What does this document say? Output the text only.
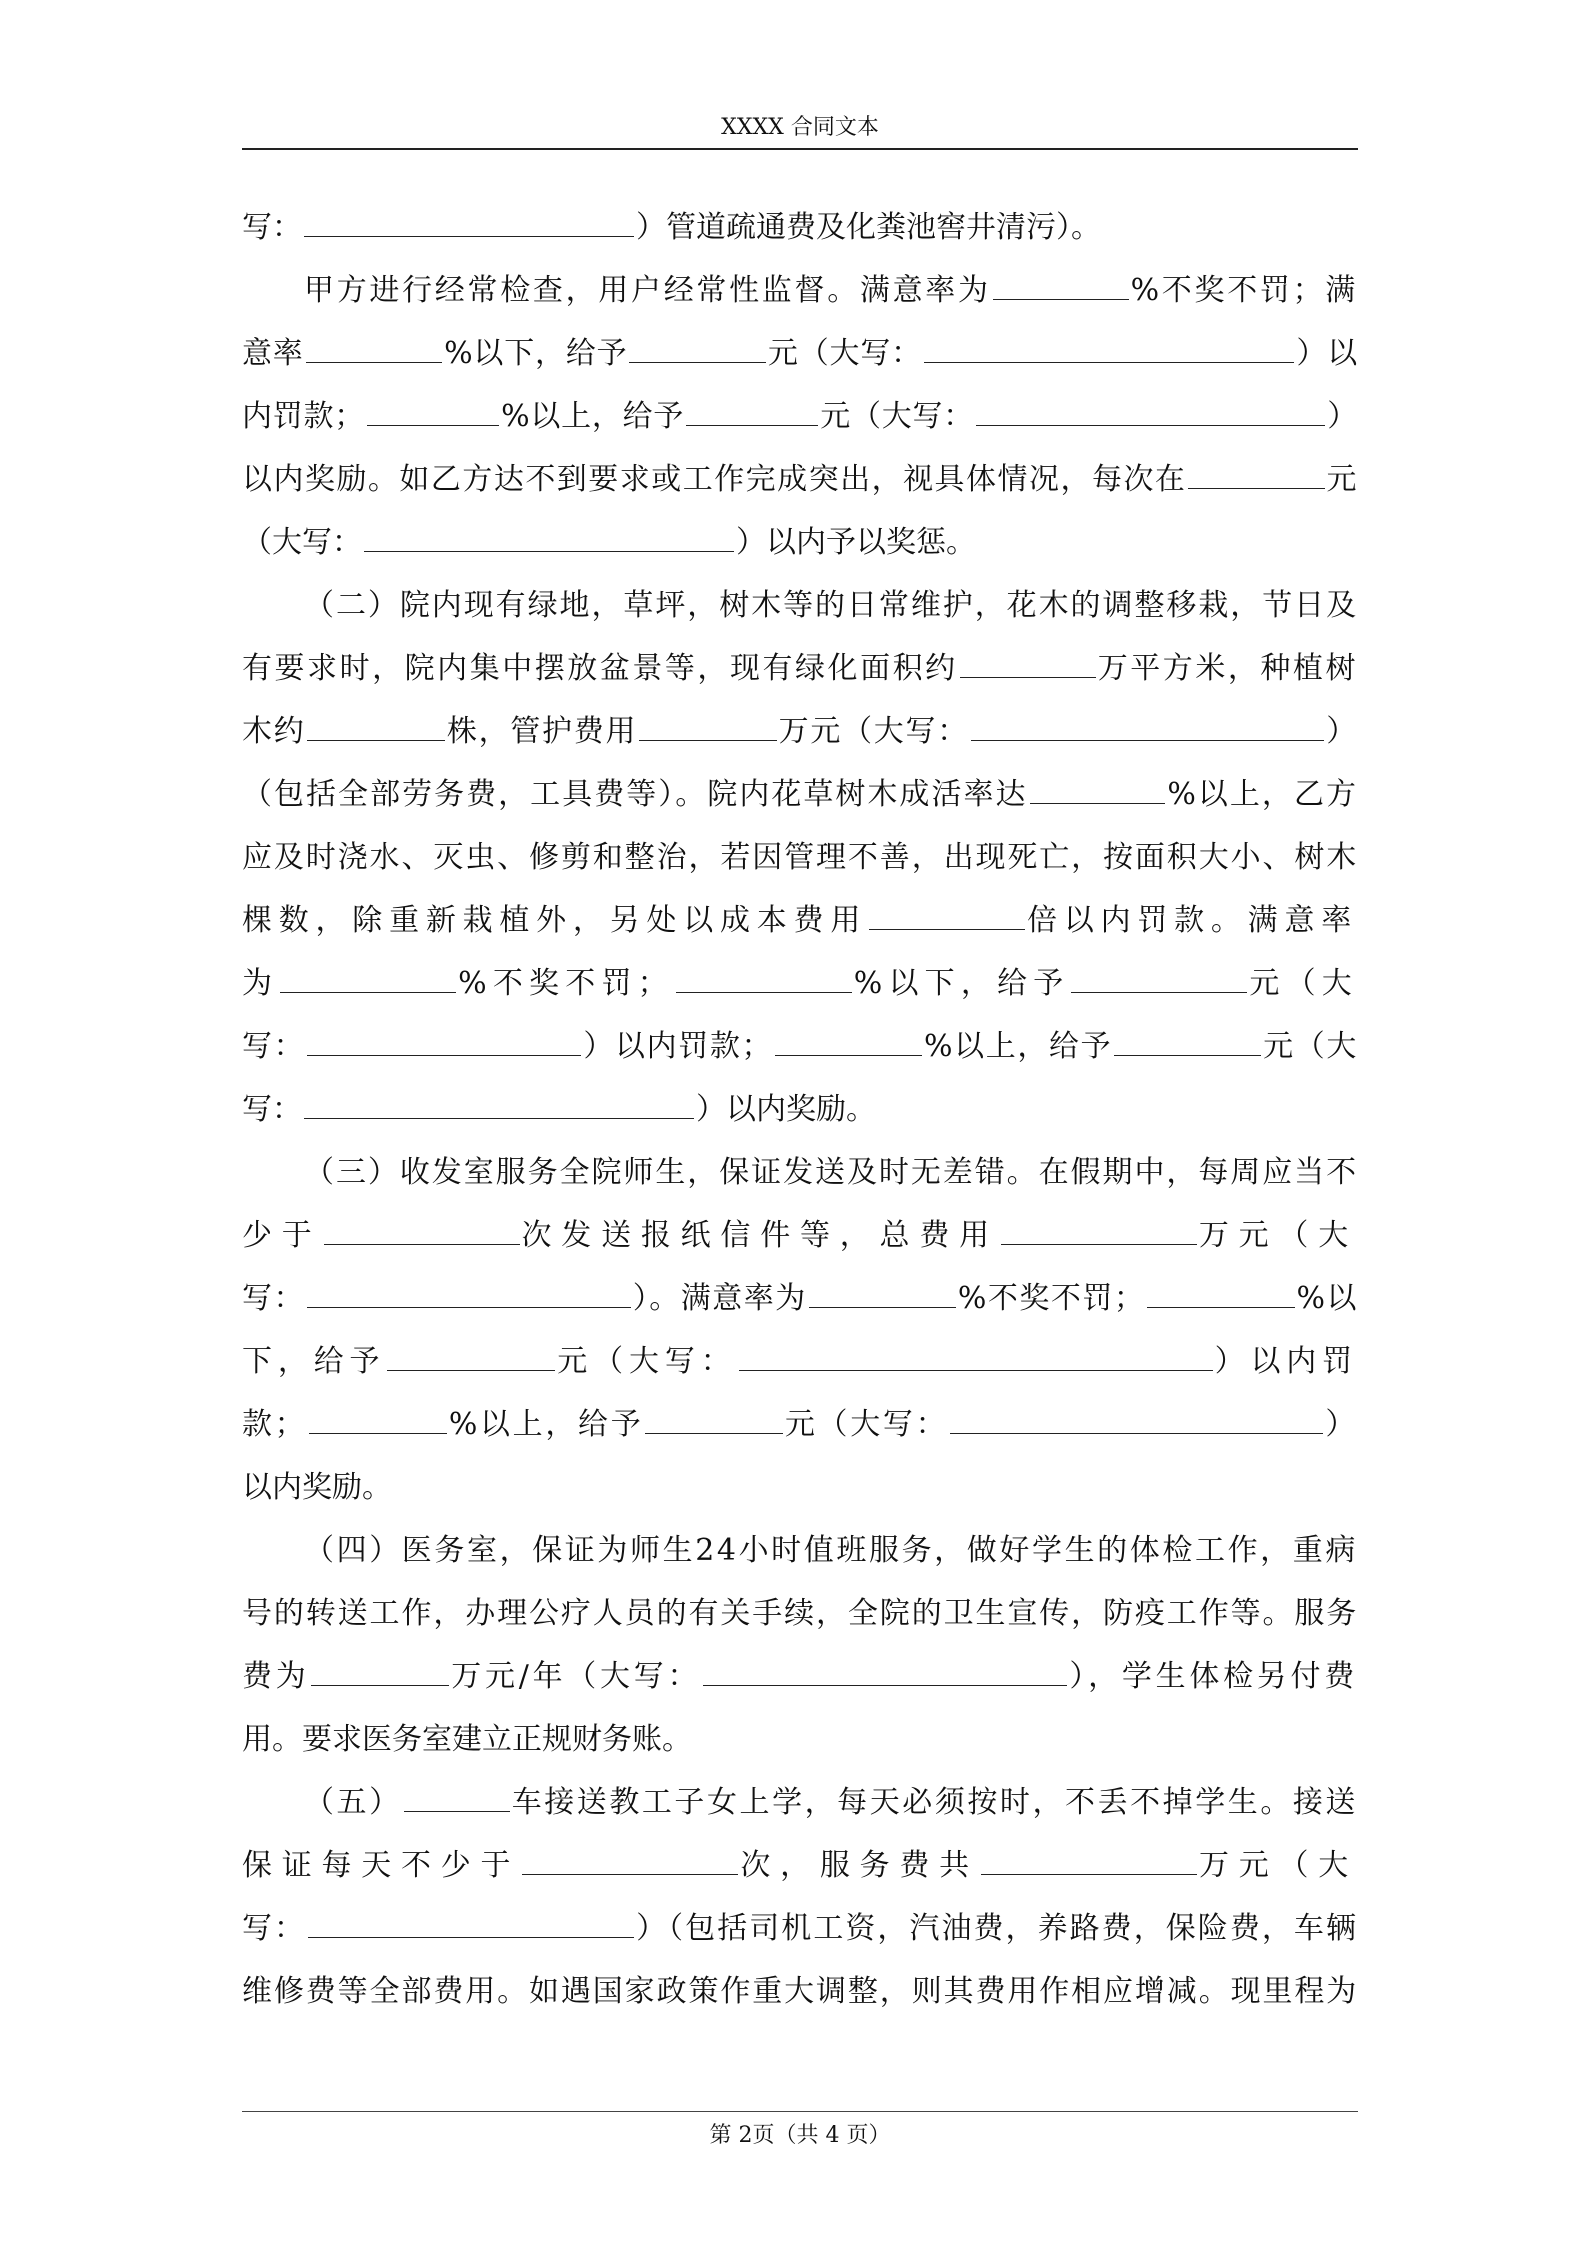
XXXX 合同文本
写：	）管道疏通费及化粪池窖井清污）。
甲方进行经常检查，用户经常性监督。满意率为	%不奖不罚；满
意率	%以下，给予	元（大写：	）以
内罚款；	%以上，给予	元（大写：	）
以内奖励。如乙方达不到要求或工作完成突出，视具体情况，每次在	元
（大写：	）以内予以奖惩。
（二）院内现有绿地，草坪，树木等的日常维护，花木的调整移栽，节日及
有要求时，院内集中摆放盆景等，现有绿化面积约	万平方米，种植树
木约	株，管护费用	万元（大写：	）
（包括全部劳务费，工具费等）。院内花草树木成活率达	%以上，乙方
应及时浇水、灭虫、修剪和整治，若因管理不善，出现死亡，按面积大小、树木
棵数，除重新栽植外，另处以成本费用	倍以内罚款。满意率
为	%不奖不罚；	%以下，给予	元（大
写：	）以内罚款；	%以上，给予	元（大
写：	）以内奖励。
（三）收发室服务全院师生，保证发送及时无差错。在假期中，每周应当不
少于	次发送报纸信件等，总费用	万元（大
写：	）。满意率为	%不奖不罚；	%以
下，给予	元（大写：	）以内罚
款；	%以上，给予	元（大写：	）
以内奖励。
（四）医务室，保证为师生24小时值班服务，做好学生的体检工作，重病
号的转送工作，办理公疗人员的有关手续，全院的卫生宣传，防疫工作等。服务
费为	万元/年（大写：	），学生体检另付费
用。要求医务室建立正规财务账。
（五）	车接送教工子女上学，每天必须按时，不丢不掉学生。接送
保证每天不少于	次，服务费共	万元（大
写：	）（包括司机工资，汽油费，养路费，保险费，车辆
维修费等全部费用。如遇国家政策作重大调整，则其费用作相应增减。现里程为
第 2页（共 4 页）
